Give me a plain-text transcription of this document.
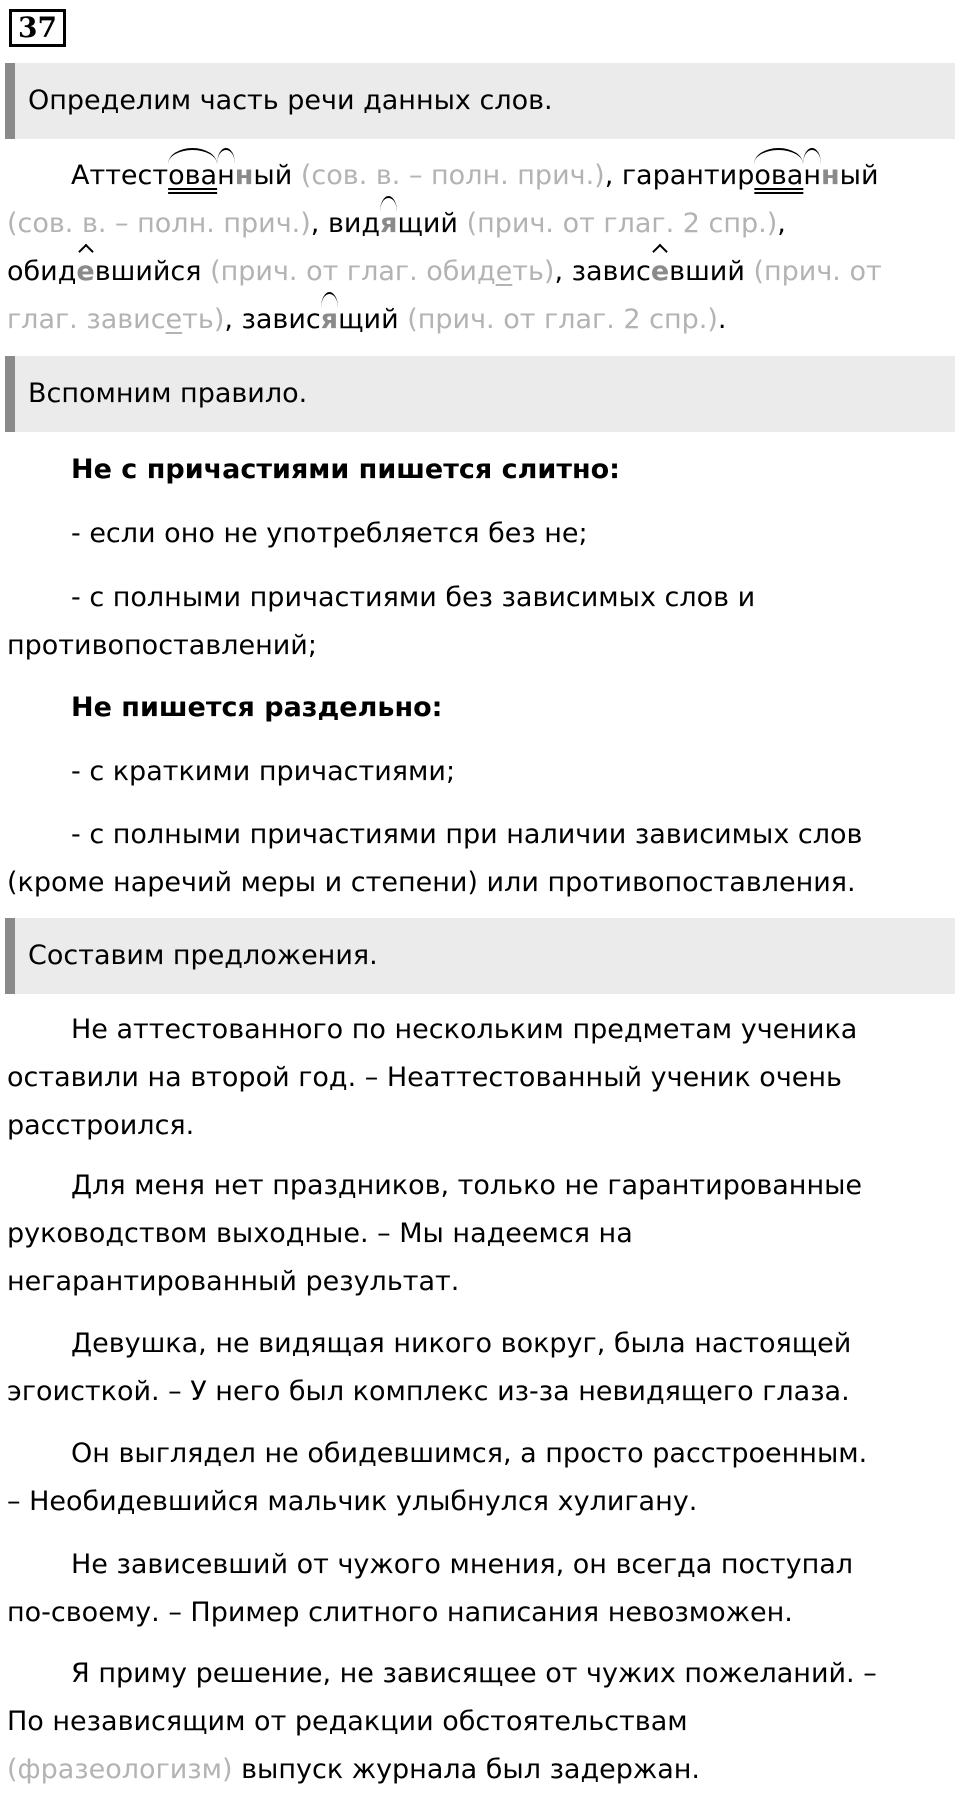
37
Определим часть речи данных слов.
Аттестованный (сов. в. – полн. прич.), гарантированный
(сов. в. – полн. прич.), видящий (прич. от глаг. 2 спр.),
обидевшийся (прич. от глаг. обидеть), зависевший (прич. от
глаг. зависеть), зависящий (прич. от глаг. 2 спр.).
Вспомним правило.
Не с причастиями пишется слитно:
- если оно не употребляется без не;
- с полными причастиями без зависимых слов и
противопоставлений;
Не пишется раздельно:
- с краткими причастиями;
- с полными причастиями при наличии зависимых слов
(кроме наречий меры и степени) или противопоставления.
Составим предложения.
Не аттестованного по нескольким предметам ученика
оставили на второй год. – Неаттестованный ученик очень
расстроился.
Для меня нет праздников, только не гарантированные
руководством выходные. – Мы надеемся на
негарантированный результат.
Девушка, не видящая никого вокруг, была настоящей
эгоисткой. – У него был комплекс из-за невидящего глаза.
Он выглядел не обидевшимся, а просто расстроенным.
– Необидевшийся мальчик улыбнулся хулигану.
Не зависевший от чужого мнения, он всегда поступал
по-своему. – Пример слитного написания невозможен.
Я приму решение, не зависящее от чужих пожеланий. –
По независящим от редакции обстоятельствам
(фразеологизм) выпуск журнала был задержан.
